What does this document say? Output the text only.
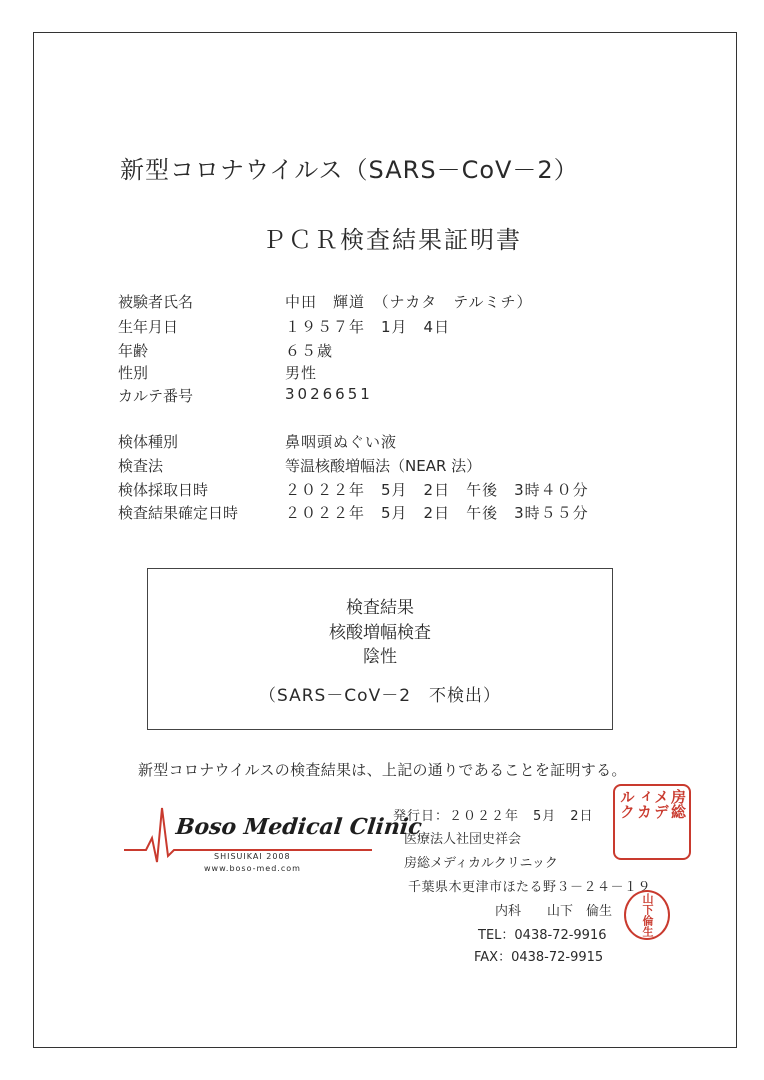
新型コロナウイルス（SARS－CoV－2）
ＰＣＲ検査結果証明書
被験者氏名	中田　輝道　（ナカタ　テルミチ）
生年月日	１９５７年　1月　4日
年齢	６５歳
性別	男性
カルテ番号	3026651
検体種別	鼻咽頭ぬぐい液
検査法	等温核酸増幅法（NEAR 法）
検体採取日時	２０２２年　5月　2日　午後　3時４０分
検査結果確定日時	２０２２年　5月　2日　午後　3時５５分
検査結果
核酸増幅検査
陰性
（SARS－CoV－2　不検出）
新型コロナウイルスの検査結果は、上記の通りであることを証明する。
Boso Medical Clinic
SHISUIKAI 2008
www.boso-med.com
発行日：２０２２年　5月　2日
医療法人社団史祥会
房総メディカルクリニック
千葉県木更津市ほたる野３－２４－１９
内科　　山下　倫生
TEL：0438-72-9916
FAX：0438-72-9915
房総
メデ
ィカ
ルク
山下倫生
